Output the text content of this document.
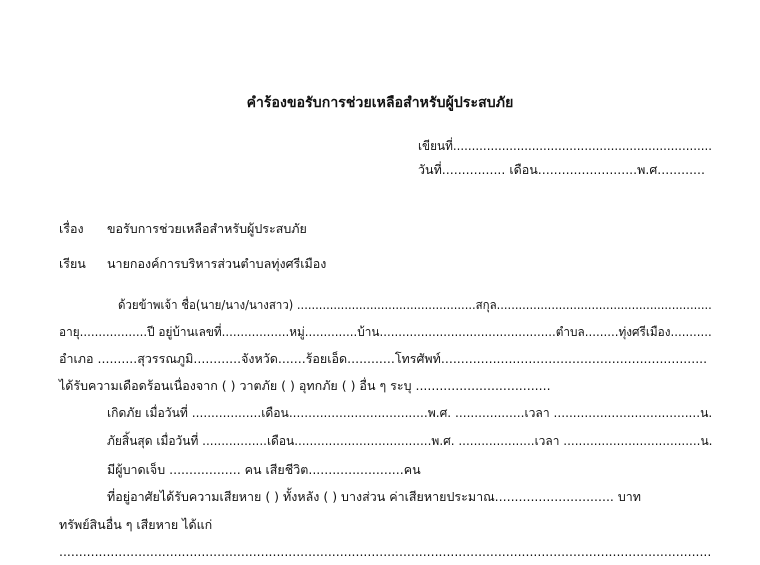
คำร้องขอรับการช่วยเหลือสำหรับผู้ประสบภัย
เขียนที่.....................................................................
วันที่................ เดือน.........................พ.ศ............
เรื่อง ขอรับการช่วยเหลือสำหรับผู้ประสบภัย
เรียน นายกองค์การบริหารส่วนตำบลทุ่งศรีเมือง
ด้วยข้าพเจ้า ชื่อ(นาย/นาง/นางสาว) .................................................สกุล...........................................................
อายุ..................ปี อยู่บ้านเลขที่..................หมู่..............บ้าน...............................................ตำบล.........ทุ่งศรีเมือง...........
อำเภอ ..........สุวรรณภูมิ............จังหวัด.......ร้อยเอ็ด............โทรศัพท์...................................................................
ได้รับความเดือดร้อนเนื่องจาก ( ) วาตภัย ( ) อุทกภัย ( ) อื่น ๆ ระบุ ..................................
เกิดภัย เมื่อวันที่ ..................เดือน....................................พ.ศ. ..................เวลา ......................................น.
ภัยสิ้นสุด เมื่อวันที่ .................เดือน....................................พ.ศ. ....................เวลา ....................................น.
มีผู้บาดเจ็บ .................. คน เสียชีวิต........................คน
ที่อยู่อาศัยได้รับความเสียหาย ( ) ทั้งหลัง ( ) บางส่วน ค่าเสียหายประมาณ.............................. บาท
ทรัพย์สินอื่น ๆ เสียหาย ได้แก่
.....................................................................................................................................................................
